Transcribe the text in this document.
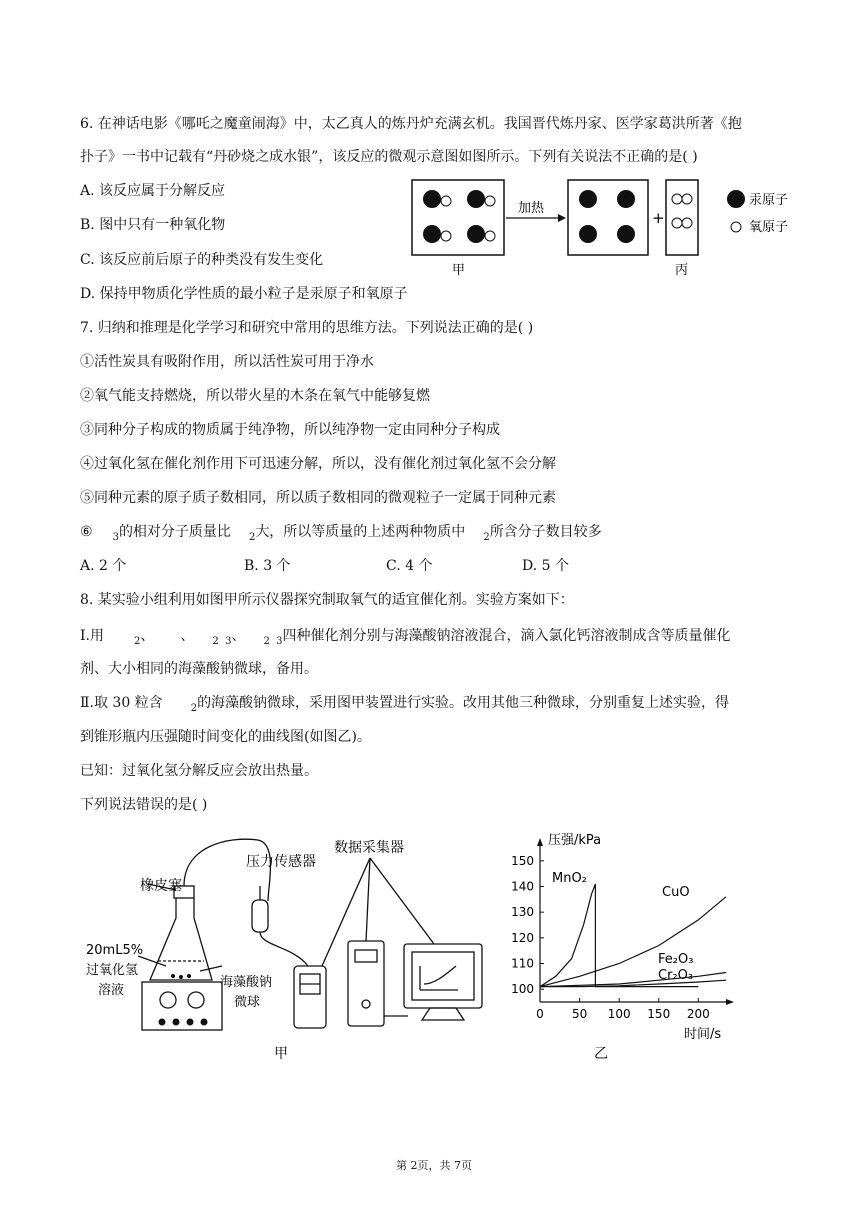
6. 在神话电影《哪吒之魔童闹海》中，太乙真人的炼丹炉充满玄机。我国晋代炼丹家、医学家葛洪所著《抱
扑子》一书中记载有“丹砂烧之成水银”，该反应的微观示意图如图所示。下列有关说法不正确的是( )
A. 该反应属于分解反应
B. 图中只有一种氧化物
C. 该反应前后原子的种类没有发生变化
D. 保持甲物质化学性质的最小粒子是汞原子和氧原子
加热
+
甲	丙
汞原子
氧原子
7. 归纳和推理是化学学习和研究中常用的思维方法。下列说法正确的是( )
①活性炭具有吸附作用，所以活性炭可用于净水
②氧气能支持燃烧，所以带火星的木条在氧气中能够复燃
③同种分子构成的物质属于纯净物，所以纯净物一定由同种分子构成
④过氧化氢在催化剂作用下可迅速分解，所以，没有催化剂过氧化氢不会分解
⑤同种元素的原子质子数相同，所以质子数相同的微观粒子一定属于同种元素
⑥ $_3$的相对分子质量比 $_2$大，所以等质量的上述两种物质中 $_2$所含分子数目较多
A. 2 个	B. 3 个	C. 4 个	D. 5 个
8. 某实验小组利用如图甲所示仪器探究制取氧气的适宜催化剂。实验方案如下：
Ⅰ.用	$_2$、 、 $_{2 3}$、 $_{2 3}$四种催化剂分别与海藻酸钠溶液混合，滴入氯化钙溶液制成含等质量催化
剂、大小相同的海藻酸钠微球，备用。
Ⅱ.取 30 粒含	$_2$的海藻酸钠微球，采用图甲装置进行实验。改用其他三种微球，分别重复上述实验，得
到锥形瓶内压强随时间变化的曲线图(如图乙)。
已知：过氧化氢分解反应会放出热量。
下列说法错误的是( )
压力传感器
数据采集器
橡皮塞
20mL5%
过氧化氢
溶液
海藻酸钠
微球
甲
压强/kPa
时间/s
乙
0 50 100 150 200
100
110
120
130
140
150
MnO₂
CuO
Fe₂O₃
Cr₂O₃
第 2页，共 7页
